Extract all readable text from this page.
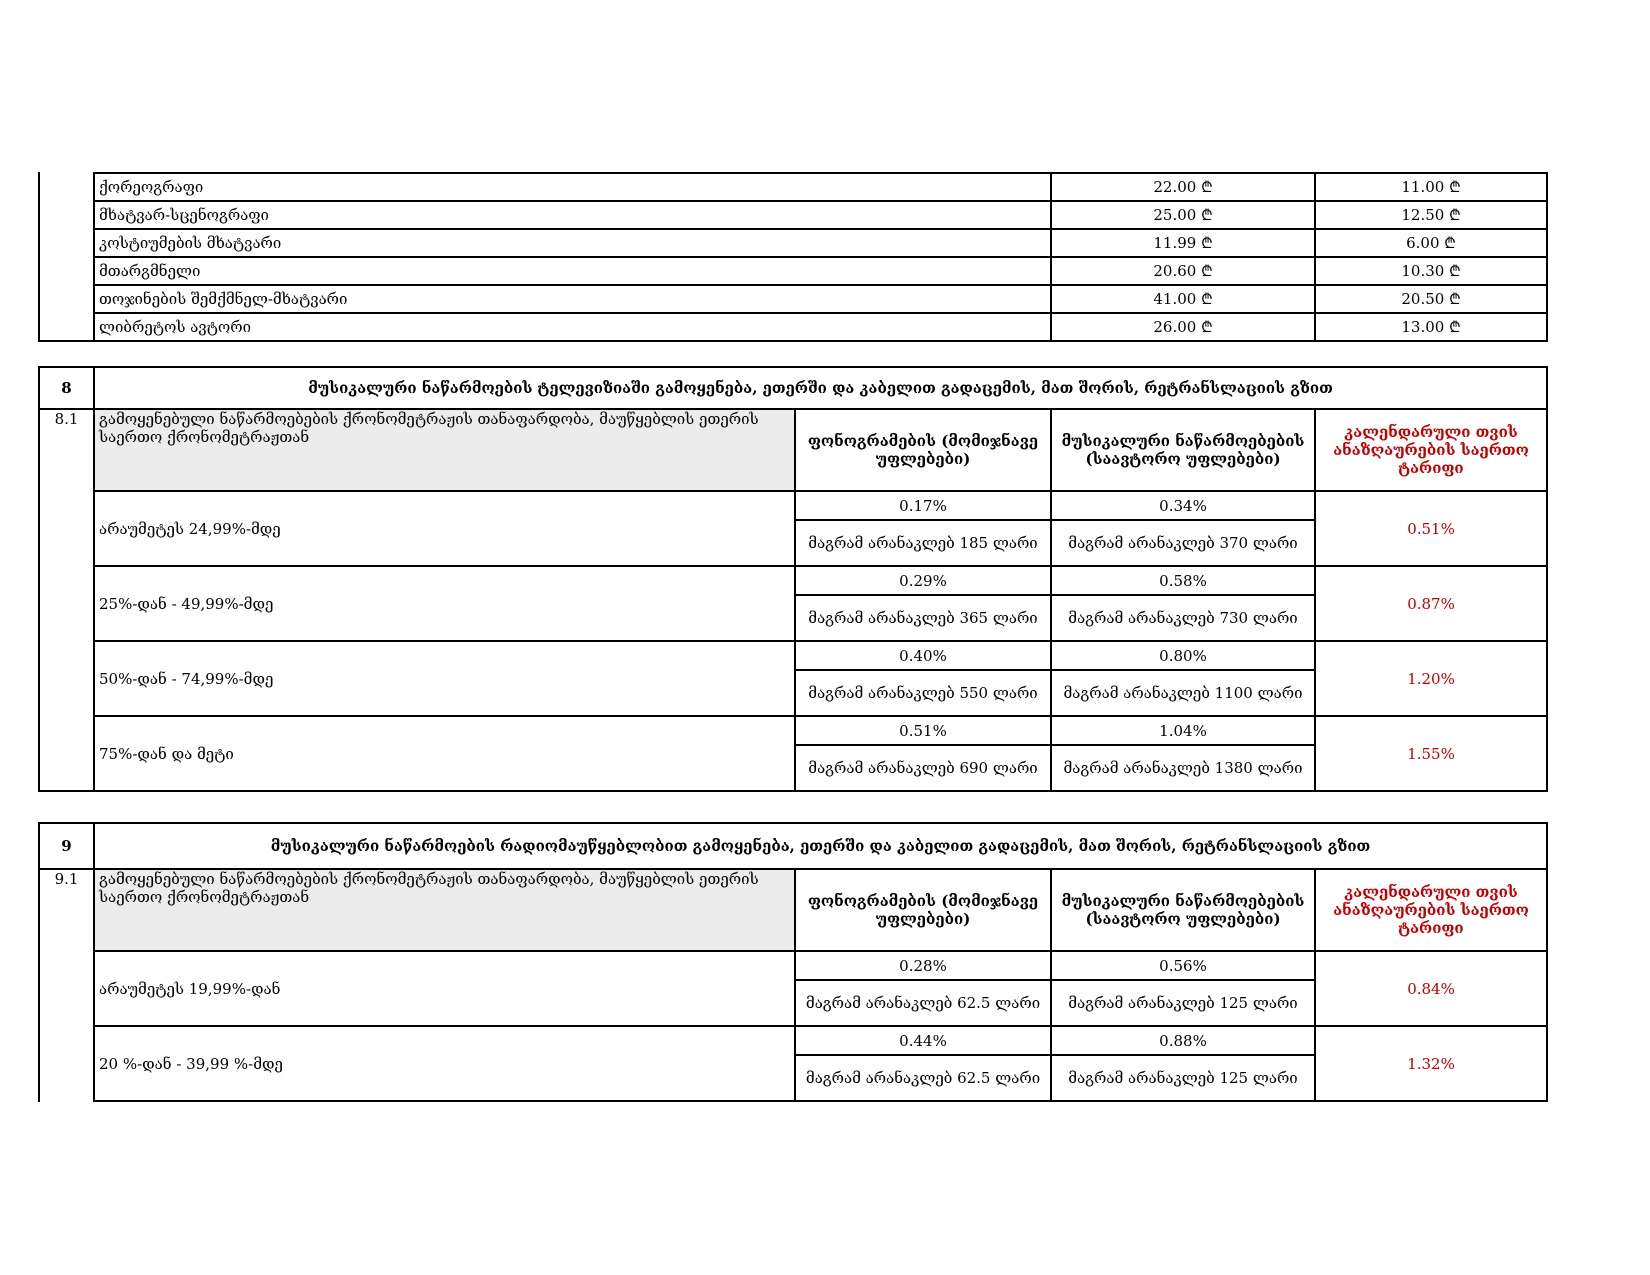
	ქორეოგრაფი	22.00 ₾	11.00 ₾
	მხატვარ-სცენოგრაფი	25.00 ₾	12.50 ₾
	კოსტიუმების მხატვარი	11.99 ₾	6.00 ₾
	მთარგმნელი	20.60 ₾	10.30 ₾
	თოჯინების შემქმნელ-მხატვარი	41.00 ₾	20.50 ₾
	ლიბრეტოს ავტორი	26.00 ₾	13.00 ₾
8	მუსიკალური ნაწარმოების ტელევიზიაში გამოყენება, ეთერში და კაბელით გადაცემის, მათ შორის, რეტრანსლაციის გზით			
8.1	გამოყენებული ნაწარმოებების ქრონომეტრაჟის თანაფარდობა, მაუწყებლის ეთერის საერთო ქრონომეტრაჟთან	ფონოგრამების (მომიჯნავე უფლებები)	მუსიკალური ნაწარმოებების (საავტორო უფლებები)	კალენდარული თვის ანაზღაურების საერთო ტარიფი
	არაუმეტეს 24,99%-მდე	0.17%	0.34%	0.51%
		მაგრამ არანაკლებ 185 ლარი	მაგრამ არანაკლებ 370 ლარი	
	25%-დან - 49,99%-მდე	0.29%	0.58%	0.87%
		მაგრამ არანაკლებ 365 ლარი	მაგრამ არანაკლებ 730 ლარი	
	50%-დან - 74,99%-მდე	0.40%	0.80%	1.20%
		მაგრამ არანაკლებ 550 ლარი	მაგრამ არანაკლებ 1100 ლარი	
	75%-დან და მეტი	0.51%	1.04%	1.55%
		მაგრამ არანაკლებ 690 ლარი	მაგრამ არანაკლებ 1380 ლარი	
9	მუსიკალური ნაწარმოების რადიომაუწყებლობით გამოყენება, ეთერში და კაბელით გადაცემის, მათ შორის, რეტრანსლაციის გზით			
9.1	გამოყენებული ნაწარმოებების ქრონომეტრაჟის თანაფარდობა, მაუწყებლის ეთერის საერთო ქრონომეტრაჟთან	ფონოგრამების (მომიჯნავე უფლებები)	მუსიკალური ნაწარმოებების (საავტორო უფლებები)	კალენდარული თვის ანაზღაურების საერთო ტარიფი
	არაუმეტეს 19,99%-დან	0.28%	0.56%	0.84%
		მაგრამ არანაკლებ 62.5 ლარი	მაგრამ არანაკლებ 125 ლარი	
	20 %-დან - 39,99 %-მდე	0.44%	0.88%	1.32%
		მაგრამ არანაკლებ 62.5 ლარი	მაგრამ არანაკლებ 125 ლარი	
